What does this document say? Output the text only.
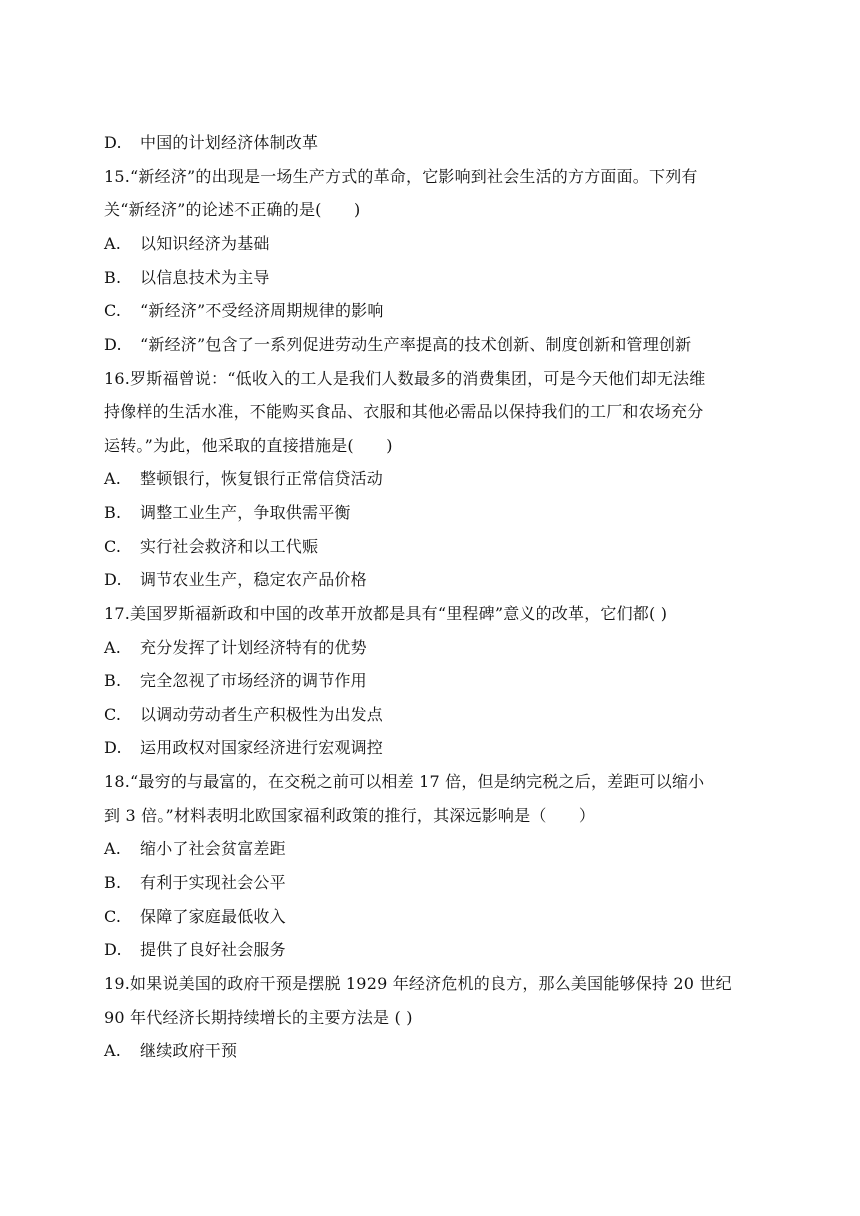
D. 中国的计划经济体制改革
15.“新经济”的出现是一场生产方式的革命，它影响到社会生活的方方面面。下列有
关“新经济”的论述不正确的是(　　)
A. 以知识经济为基础
B. 以信息技术为主导
C. “新经济”不受经济周期规律的影响
D. “新经济”包含了一系列促进劳动生产率提高的技术创新、制度创新和管理创新
16.罗斯福曾说：“低收入的工人是我们人数最多的消费集团，可是今天他们却无法维
持像样的生活水准，不能购买食品、衣服和其他必需品以保持我们的工厂和农场充分
运转。”为此，他采取的直接措施是(　　)
A. 整顿银行，恢复银行正常信贷活动
B. 调整工业生产，争取供需平衡
C. 实行社会救济和以工代赈
D. 调节农业生产，稳定农产品价格
17.美国罗斯福新政和中国的改革开放都是具有“里程碑”意义的改革，它们都( )
A. 充分发挥了计划经济特有的优势
B. 完全忽视了市场经济的调节作用
C. 以调动劳动者生产积极性为出发点
D. 运用政权对国家经济进行宏观调控
18.“最穷的与最富的，在交税之前可以相差 17 倍，但是纳完税之后，差距可以缩小
到 3 倍。”材料表明北欧国家福利政策的推行，其深远影响是（　　）
A. 缩小了社会贫富差距
B. 有利于实现社会公平
C. 保障了家庭最低收入
D. 提供了良好社会服务
19.如果说美国的政府干预是摆脱 1929 年经济危机的良方，那么美国能够保持 20 世纪
90 年代经济长期持续增长的主要方法是 ( )
A. 继续政府干预
